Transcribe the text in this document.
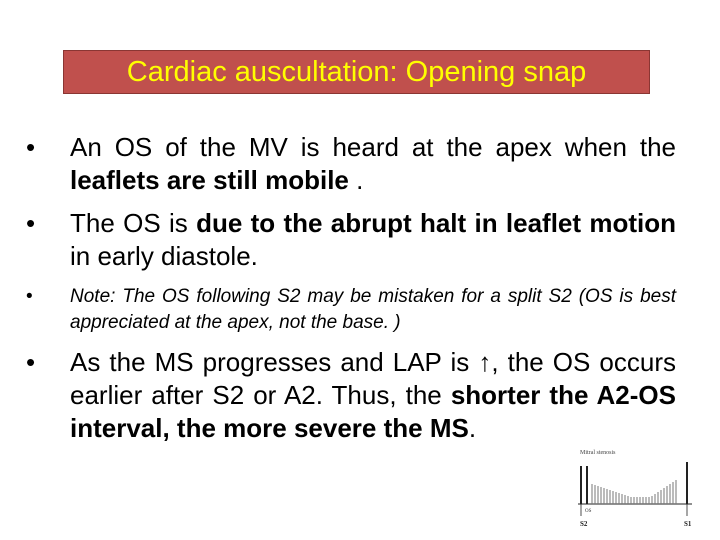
Cardiac auscultation: Opening snap
• An OS of the MV is heard at the apex when the leaflets are still mobile .
• The OS is due to the abrupt halt in leaflet motion in early diastole.
• Note: The OS following S2 may be mistaken for a split S2 (OS is best appreciated at the apex, not the base. )
• As the MS progresses and LAP is ↑, the OS occurs earlier after S2 or A2. Thus, the shorter the A2-OS interval, the more severe the MS.
Mitral stenosis
OS
S2	S1
